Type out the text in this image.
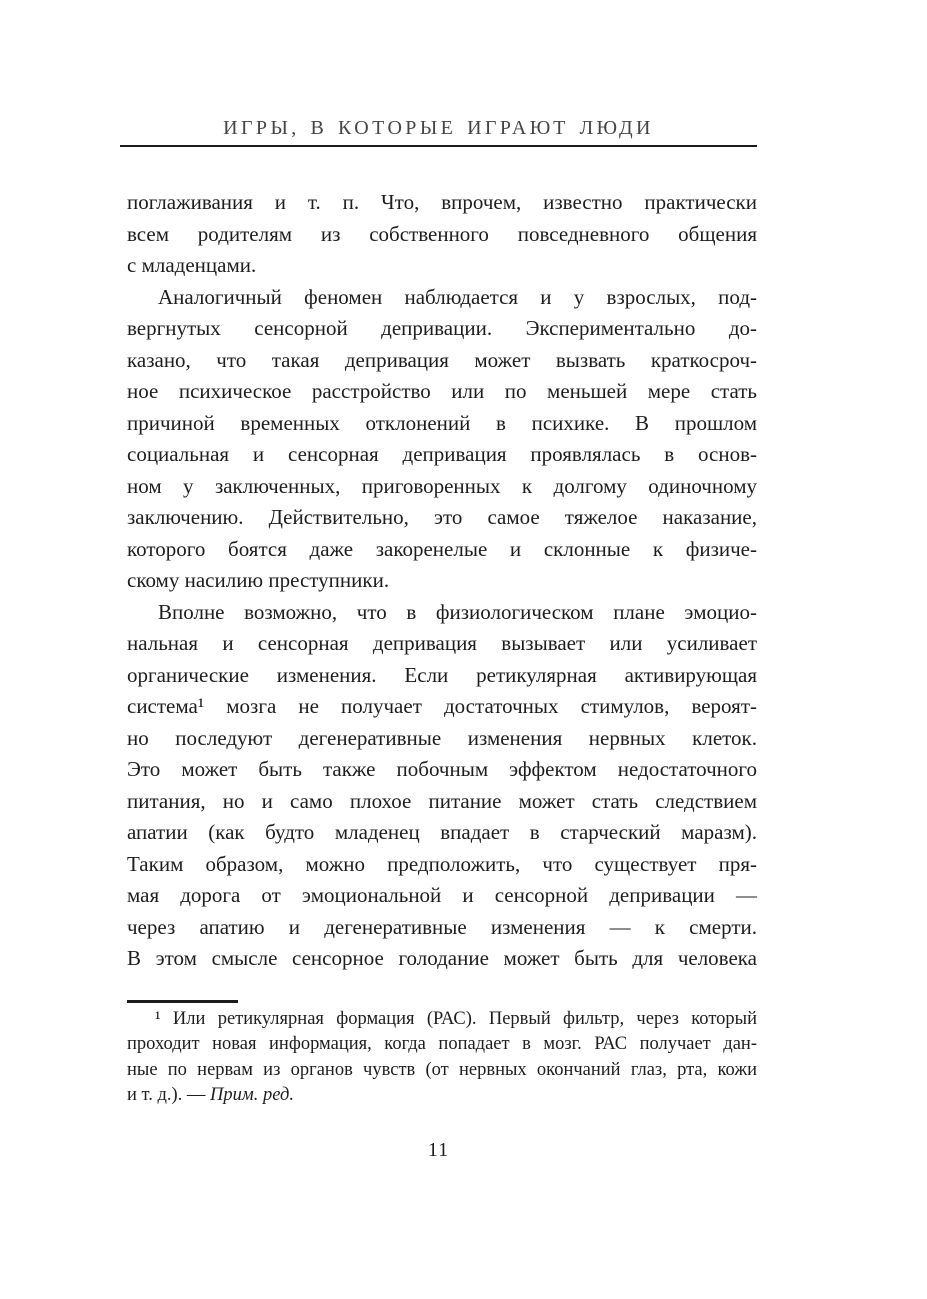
ИГРЫ, В КОТОРЫЕ ИГРАЮТ ЛЮДИ
поглаживания и т. п. Что, впрочем, известно практически
всем родителям из собственного повседневного общения
с младенцами.
Аналогичный феномен наблюдается и у взрослых, под-
вергнутых сенсорной депривации. Экспериментально до-
казано, что такая депривация может вызвать краткосроч-
ное психическое расстройство или по меньшей мере стать
причиной временных отклонений в психике. В прошлом
социальная и сенсорная депривация проявлялась в основ-
ном у заключенных, приговоренных к долгому одиночному
заключению. Действительно, это самое тяжелое наказание,
которого боятся даже закоренелые и склонные к физиче-
скому насилию преступники.
Вполне возможно, что в физиологическом плане эмоцио-
нальная и сенсорная депривация вызывает или усиливает
органические изменения. Если ретикулярная активирующая
система¹ мозга не получает достаточных стимулов, вероят-
но последуют дегенеративные изменения нервных клеток.
Это может быть также побочным эффектом недостаточного
питания, но и само плохое питание может стать следствием
апатии (как будто младенец впадает в старческий маразм).
Таким образом, можно предположить, что существует пря-
мая дорога от эмоциональной и сенсорной депривации —
через апатию и дегенеративные изменения — к смерти.
В этом смысле сенсорное голодание может быть для человека
¹ Или ретикулярная формация (РАС). Первый фильтр, через который
проходит новая информация, когда попадает в мозг. РАС получает дан-
ные по нервам из органов чувств (от нервных окончаний глаз, рта, кожи
и т. д.). — Прим. ред.
11
